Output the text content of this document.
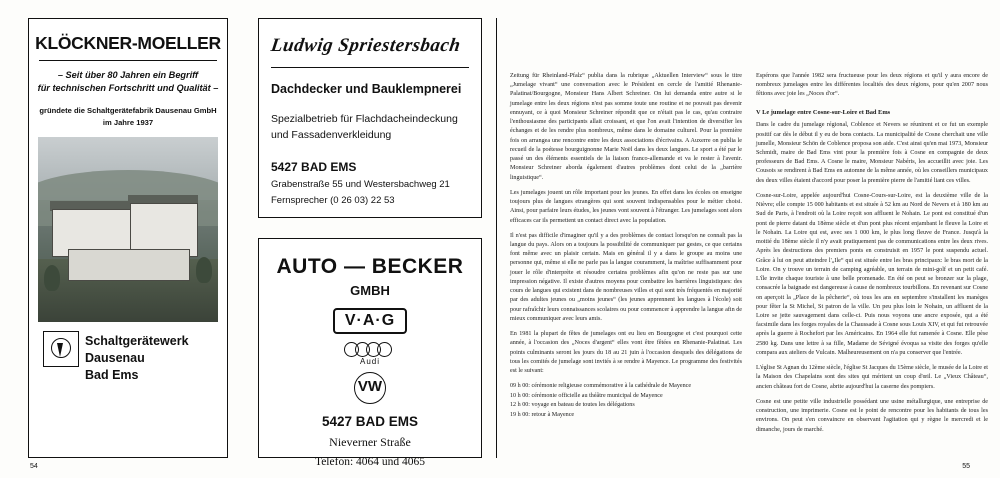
KLÖCKNER-MOELLER
– Seit über 80 Jahren ein Begriff
für technischen Fortschritt und Qualität –
gründete die Schaltgerätefabrik Dausenau GmbH
im Jahre 1937
Schaltgerätewerk Dausenau
Bad Ems
Ludwig Spriestersbach
Dachdecker und Bauklempnerei
Spezialbetrieb für Flachdacheindeckung
und Fassadenverkleidung
5427 BAD EMS
Grabenstraße 55 und Westersbachweg 21
Fernsprecher (0 26 03) 22 53
AUTO — BECKER
GMBH
V·A·G
Audi
VW
5427 BAD EMS
Nieverner Straße
Telefon: 4064 und 4065

Zeitung für Rheinland-Pfalz“ publia dans la rubrique „Aktuellen Interview“ sous le titre „Jumelage vivant“ une conversation avec le Président en cercle de l'amitié Rhenanie-Palatinat/Bourgogne, Monsieur Hans Albert Schreiner. On lui demanda entre autre si le jumelage entre les deux régions n'est pas somme toute une routine et ne pouvait pas devenir ennuyant, ce à quoi Monsieur Schreiner répondit que ce n'était pas le cas, qu'au contraire l'enthousiasme des participants allait croissant, et que l'on avait l'intention de diversifier les échanges et de les rendre plus nombreux, même dans le domaine culturel. Pour la première fois on arrangea une rencontre entre les deux associations d'écrivains. A Auxerre on publia le recueil de la poétesse bourguignonne Marie Noël dans les deux langues. Le sport a été par le passé un des éléments essentiels de la liaison franco-allemande et va le rester à l'avenir. Monsieur Schreiner aborda également d'autres problèmes dont celui de la „barrière linguistique“.

Les jumelages jouent un rôle important pour les jeunes. En effet dans les écoles on enseigne toujours plus de langues etrangères qui sont souvent indispensables pour le métier choisi. Ainsi, pour parfaire leurs études, les jeunes vont souvent à l'étranger. Les jumelages sont alors efficaces car ils permettent un contact direct avec la population.

Il n'est pas difficile d'imaginer qu'il y a des problèmes de contact lorsqu'on ne connaît pas la langue du pays. Alors on a toujours la possibilité de communiquer par gestes, ce que certains font même avec un plaisir certain. Mais en général il y a dans le groupe au moins une personne qui, même si elle ne parle pas la langue couramment, la maîtrise suffisamment pour jouer le rôle d'interprète et résoudre certains problèmes afin qu'on ne reste pas sur une impression négative. Il existe d'autres moyens pour combattre les barrières linguistiques: des cours de langues qui existent dans de nombreuses villes et qui sont très fréquentés en majorité par des adultes jeunes ou „moins jeunes“ (les jeunes apprennent les langues à l'école) soit pour rafraîchir leurs connaissances scolaires ou pour commencer à apprendre la langue afin de mieux communiquer avec leurs amis.

En 1981 la plupart de fêtes de jumelages ont eu lieu en Bourgogne et c'est pourquoi cette année, à l'occasion des „Noces d'argent“ elles vont être fêtées en Rhenanie-Palatinat. Les points culminants seront les jours du 18 au 21 juin à l'occasion desquels des délégations de tous les comités de jumelage sont invités à se rendre à Mayence. Le programme des festivités est le suivant:

09 h 00: cérémonie religieuse commémorative à la cathédrale de Mayence

10 h 00: cérémonie officielle au théâtre municipal de Mayence

12 h 00: voyage en bateau de toutes les délégations

19 h 00: retour à Mayence

Espérons que l'année 1982 sera fructueuse pour les deux régions et qu'il y aura encore de nombreux jumelages entre les différentes localités des deux régions, pour qu'en 2007 nous fêtions avec joie les „Noces d'or“.

V Le jumelage entre Cosne-sur-Loire et Bad Ems

Dans le cadre du jumelage régional, Coblence et Nevers se réunirent et ce fut un exemple positif car dès le début il y eu de bons contacts. La municipalité de Cosne cherchait une ville jumelle, Monsieur Schön de Coblence proposa son aide. C'est ainsi qu'en mai 1973, Monsieur Schmidt, maire de Bad Ems vint pour la première fois à Cosne en compagnie de deux professeurs de Bad Ems. A Cosne le maire, Monsieur Nabéris, les accueillit avec joie. Les Cousois se rendirent à Bad Ems en automne de la même année, où les conseillers municipaux des deux villes étaient d'accord pour poser la première pierre de l'amitié liant ces villes.

Cosne-sur-Loire, appelée aujourd'hui Cosne-Cours-sur-Loire, est la deuxième ville de la Nièvre; elle compte 15 000 habitants et est située à 52 km au Nord de Nevers et à 180 km au Sud de Paris, à l'endroit où la Loire reçoit son affluent le Nohain. Le pont est constitué d'un pont de pierre datant du 18ème siècle et d'un pont plus récent enjambant le fleuve la Loire et le Nohain. La Loire qui est, avec ses 1 000 km, le plus long fleuve de France. Jusqu'à la moitié du 18ème siècle il n'y avait pratiquement pas de communications entre les deux rives. Après les destructions des premiers ponts en construisit en 1957 le pont suspendu actuel. Grâce à lui on peut atteindre l'„Ile“ qui est située entre les bras principaux: le bras mort de la Loire. On y trouve un terrain de camping agréable, un terrain de mini-golf et un petit café. L'île invite chaque touriste à une belle promenade. En été on peut se bronzer sur la plage, consacrée la baignade est dangereuse à cause de nombreux tourbillons. En revenant sur Cosne on aperçoit la „Place de la pêcherie“, où tous les ans en septembre s'installent les manèges pour fêter la St Michel, St patron de la ville. Un peu plus loin le Nohain, un affluent de la Loire se jette sauvagement dans celle-ci. Puis nous voyons une ancre exposée, qui a été facsimile dans les forges royales de la Chaussade à Cosne sous Louis XIV, et qui fut retrouvée après la guerre à Rochefort par les Américains. En 1964 elle fut ramenée à Cosne. Elle pèse 2580 kg. Dans une lettre à sa fille, Madame de Sévigné évoqua sa visite des forges qu'elle compara aux ateliers de Vulcain. Malheureusement on n'a pu conserver que l'entrée.

L'église St Agnan du 12ème siècle, l'église St Jacques du 15ème siècle, le musée de la Loire et la Maison des Chapelains sont des sites qui méritent un coup d'œil. Le „Vieux Château“, ancien château fort de Cosne, abrite aujourd'hui la caserne des pompiers.

Cosne est une petite ville industrielle possédant une usine métallurgique, une entreprise de construction, une imprimerie. Cosne est le point de rencontre pour les habitants de tous les environs. On peut s'en convaincre en observant l'agitation qui y règne le mercredi et le dimanche, jours de marché.

54	55
